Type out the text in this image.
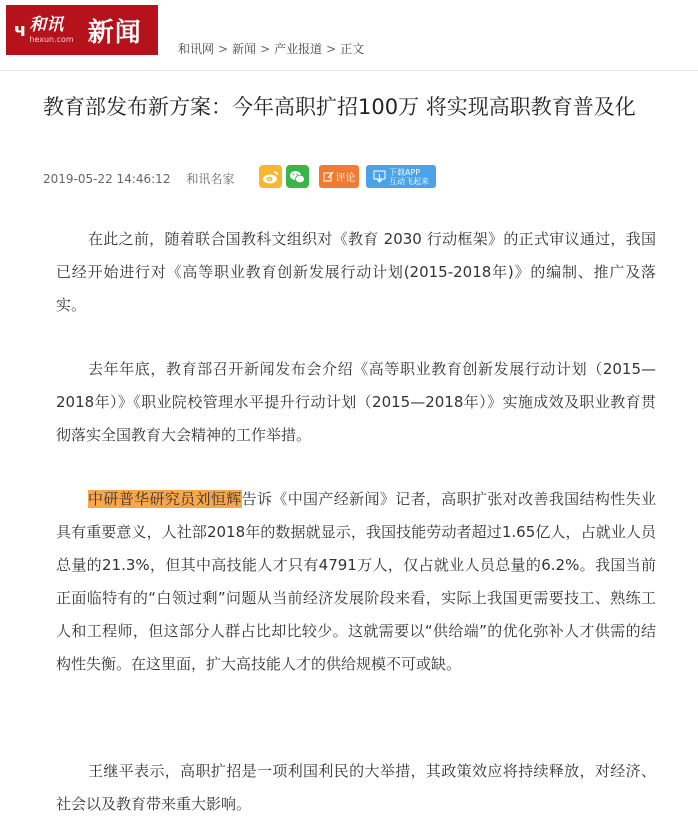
ч 和讯
hexun.com 新闻
和讯网 > 新闻 > 产业报道 > 正文
教育部发布新方案：今年高职扩招100万 将实现高职教育普及化
2019-05-22 14:46:12 和讯名家	评论
下载APP
互动飞起来

在此之前，随着联合国教科文组织对《教育 2030 行动框架》的正式审议通过，我国已经开始进行对《高等职业教育创新发展行动计划(2015-2018年)》的编制、推广及落实。

去年年底，教育部召开新闻发布会介绍《高等职业教育创新发展行动计划（2015—2018年）》《职业院校管理水平提升行动计划（2015—2018年）》实施成效及职业教育贯彻落实全国教育大会精神的工作举措。

中研普华研究员刘恒辉告诉《中国产经新闻》记者，高职扩张对改善我国结构性失业具有重要意义，人社部2018年的数据就显示，我国技能劳动者超过1.65亿人，占就业人员总量的21.3%，但其中高技能人才只有4791万人，仅占就业人员总量的6.2%。我国当前正面临特有的“白领过剩”问题从当前经济发展阶段来看，实际上我国更需要技工、熟练工人和工程师，但这部分人群占比却比较少。这就需要以“供给端”的优化弥补人才供需的结构性失衡。在这里面，扩大高技能人才的供给规模不可或缺。

王继平表示，高职扩招是一项利国利民的大举措，其政策效应将持续释放，对经济、社会以及教育带来重大影响。
